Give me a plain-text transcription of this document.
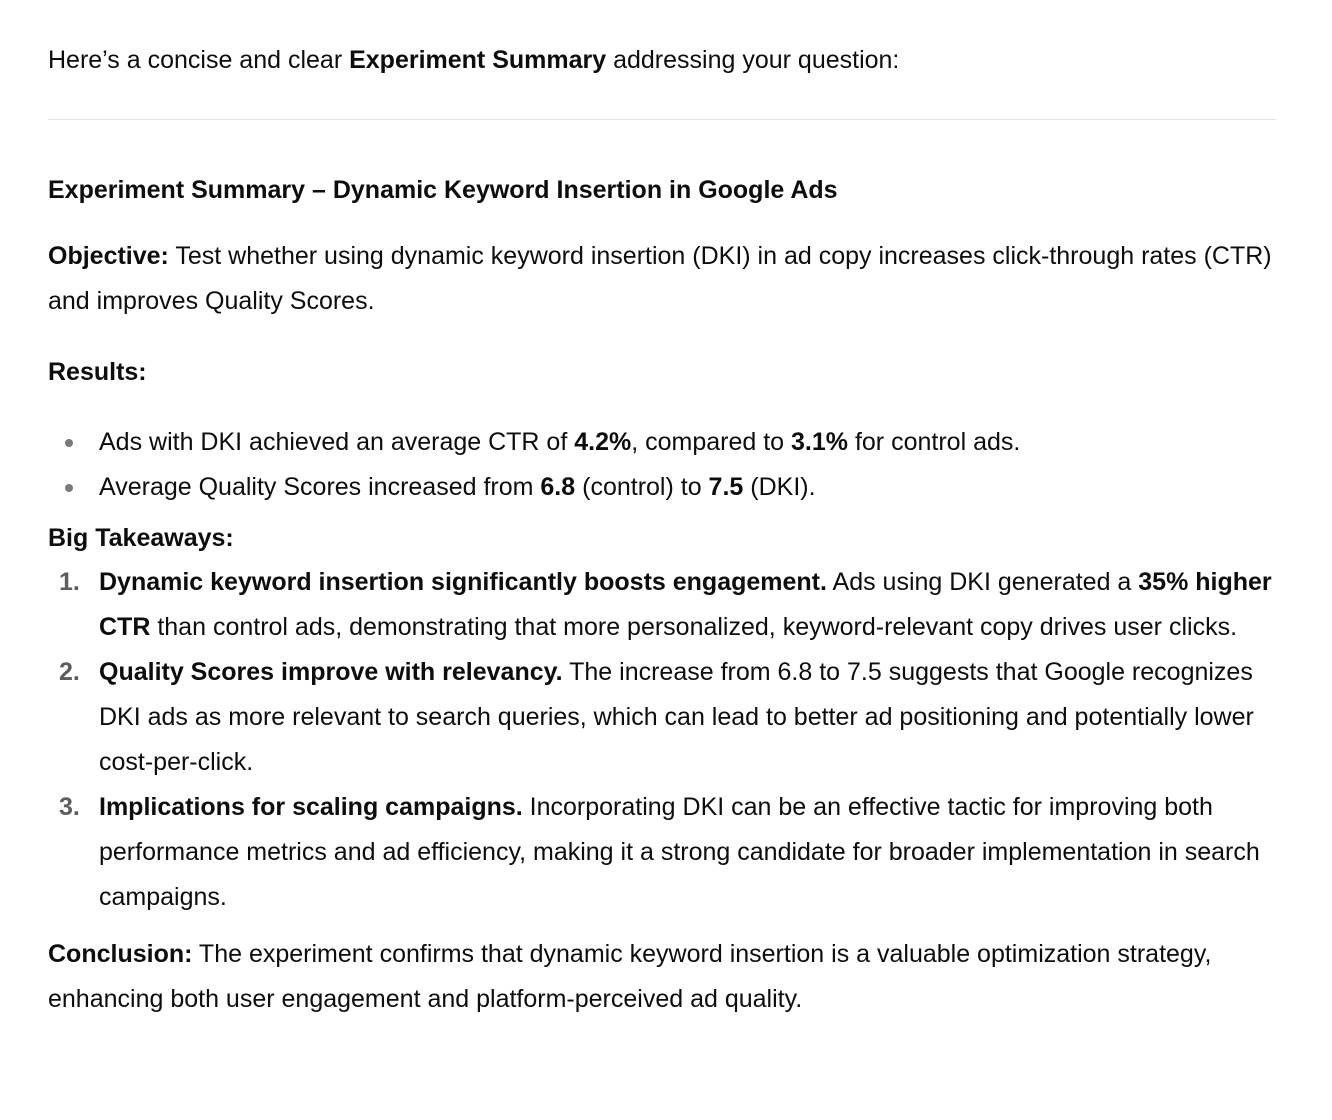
Here’s a concise and clear Experiment Summary addressing your question:

Experiment Summary – Dynamic Keyword Insertion in Google Ads

Objective: Test whether using dynamic keyword insertion (DKI) in ad copy increases click-through rates (CTR) and improves Quality Scores.

Results:

Ads with DKI achieved an average CTR of 4.2%, compared to 3.1% for control ads.
Average Quality Scores increased from 6.8 (control) to 7.5 (DKI).

Big Takeaways:

1. Dynamic keyword insertion significantly boosts engagement. Ads using DKI generated a 35% higher CTR than control ads, demonstrating that more personalized, keyword-relevant copy drives user clicks.
2. Quality Scores improve with relevancy. The increase from 6.8 to 7.5 suggests that Google recognizes DKI ads as more relevant to search queries, which can lead to better ad positioning and potentially lower cost-per-click.
3. Implications for scaling campaigns. Incorporating DKI can be an effective tactic for improving both performance metrics and ad efficiency, making it a strong candidate for broader implementation in search campaigns.

Conclusion: The experiment confirms that dynamic keyword insertion is a valuable optimization strategy, enhancing both user engagement and platform-perceived ad quality.
